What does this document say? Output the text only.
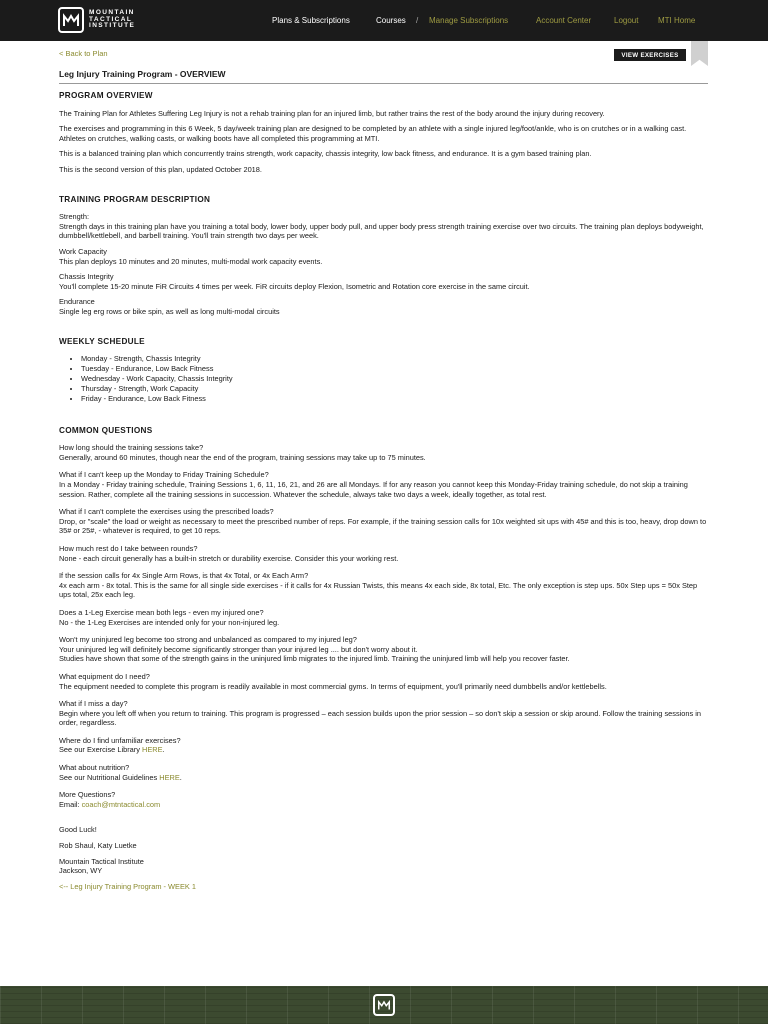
MOUNTAIN
TACTICAL
INSTITUTE
Plans & Subscriptions	Courses / Manage Subscriptions	Account Center	Logout MTI Home
< Back to Plan	VIEW EXERCISES
Leg Injury Training Program - OVERVIEW
PROGRAM OVERVIEW
The Training Plan for Athletes Suffering Leg Injury is not a rehab training plan for an injured limb, but rather trains the rest of the body around the injury during recovery.
The exercises and programming in this 6 Week, 5 day/week training plan are designed to be completed by an athlete with a single injured leg/foot/ankle, who is on crutches or in a walking cast. Athletes on crutches, walking casts, or walking boots have all completed this programming at MTI.
This is a balanced training plan which concurrently trains strength, work capacity, chassis integrity, low back fitness, and endurance. It is a gym based training plan.
This is the second version of this plan, updated October 2018.
TRAINING PROGRAM DESCRIPTION
Strength:
Strength days in this training plan have you training a total body, lower body, upper body pull, and upper body press strength training exercise over two circuits. The training plan deploys bodyweight, dumbbell/kettlebell, and barbell training. You'll train strength two days per week.
Work Capacity
This plan deploys 10 minutes and 20 minutes, multi-modal work capacity events.
Chassis Integrity
You'll complete 15-20 minute FiR Circuits 4 times per week. FiR circuits deploy Flexion, Isometric and Rotation core exercise in the same circuit.
Endurance
Single leg erg rows or bike spin, as well as long multi-modal circuits
WEEKLY SCHEDULE
• Monday - Strength, Chassis Integrity
• Tuesday - Endurance, Low Back Fitness
• Wednesday - Work Capacity, Chassis Integrity
• Thursday - Strength, Work Capacity
• Friday - Endurance, Low Back Fitness
COMMON QUESTIONS
How long should the training sessions take?
Generally, around 60 minutes, though near the end of the program, training sessions may take up to 75 minutes.
What if I can't keep up the Monday to Friday Training Schedule?
In a Monday - Friday training schedule, Training Sessions 1, 6, 11, 16, 21, and 26 are all Mondays. If for any reason you cannot keep this Monday-Friday training schedule, do not skip a training session. Rather, complete all the training sessions in succession. Whatever the schedule, always take two days a week, ideally together, as total rest.
What if I can't complete the exercises using the prescribed loads?
Drop, or "scale" the load or weight as necessary to meet the prescribed number of reps. For example, if the training session calls for 10x weighted sit ups with 45# and this is too, heavy, drop down to 35# or 25#, - whatever is required, to get 10 reps.
How much rest do I take between rounds?
None - each circuit generally has a built-in stretch or durability exercise. Consider this your working rest.
If the session calls for 4x Single Arm Rows, is that 4x Total, or 4x Each Arm?
4x each arm - 8x total. This is the same for all single side exercises - if it calls for 4x Russian Twists, this means 4x each side, 8x total, Etc. The only exception is step ups. 50x Step ups = 50x Step ups total, 25x each leg.
Does a 1-Leg Exercise mean both legs - even my injured one?
No - the 1-Leg Exercises are intended only for your non-injured leg.
Won't my uninjured leg become too strong and unbalanced as compared to my injured leg?
Your uninjured leg will definitely become significantly stronger than your injured leg .... but don't worry about it.
Studies have shown that some of the strength gains in the uninjured limb migrates to the injured limb. Training the uninjured limb will help you recover faster.
What equipment do I need?
The equipment needed to complete this program is readily available in most commercial gyms. In terms of equipment, you'll primarily need dumbbells and/or kettlebells.
What if I miss a day?
Begin where you left off when you return to training. This program is progressed – each session builds upon the prior session – so don't skip a session or skip around. Follow the training sessions in order, regardless.
Where do I find unfamiliar exercises?
See our Exercise Library HERE.
What about nutrition?
See our Nutritional Guidelines HERE.
More Questions?
Email: coach@mtntactical.com
Good Luck!
Rob Shaul, Katy Luetke
Mountain Tactical Institute
Jackson, WY
<-- Leg Injury Training Program - WEEK 1
